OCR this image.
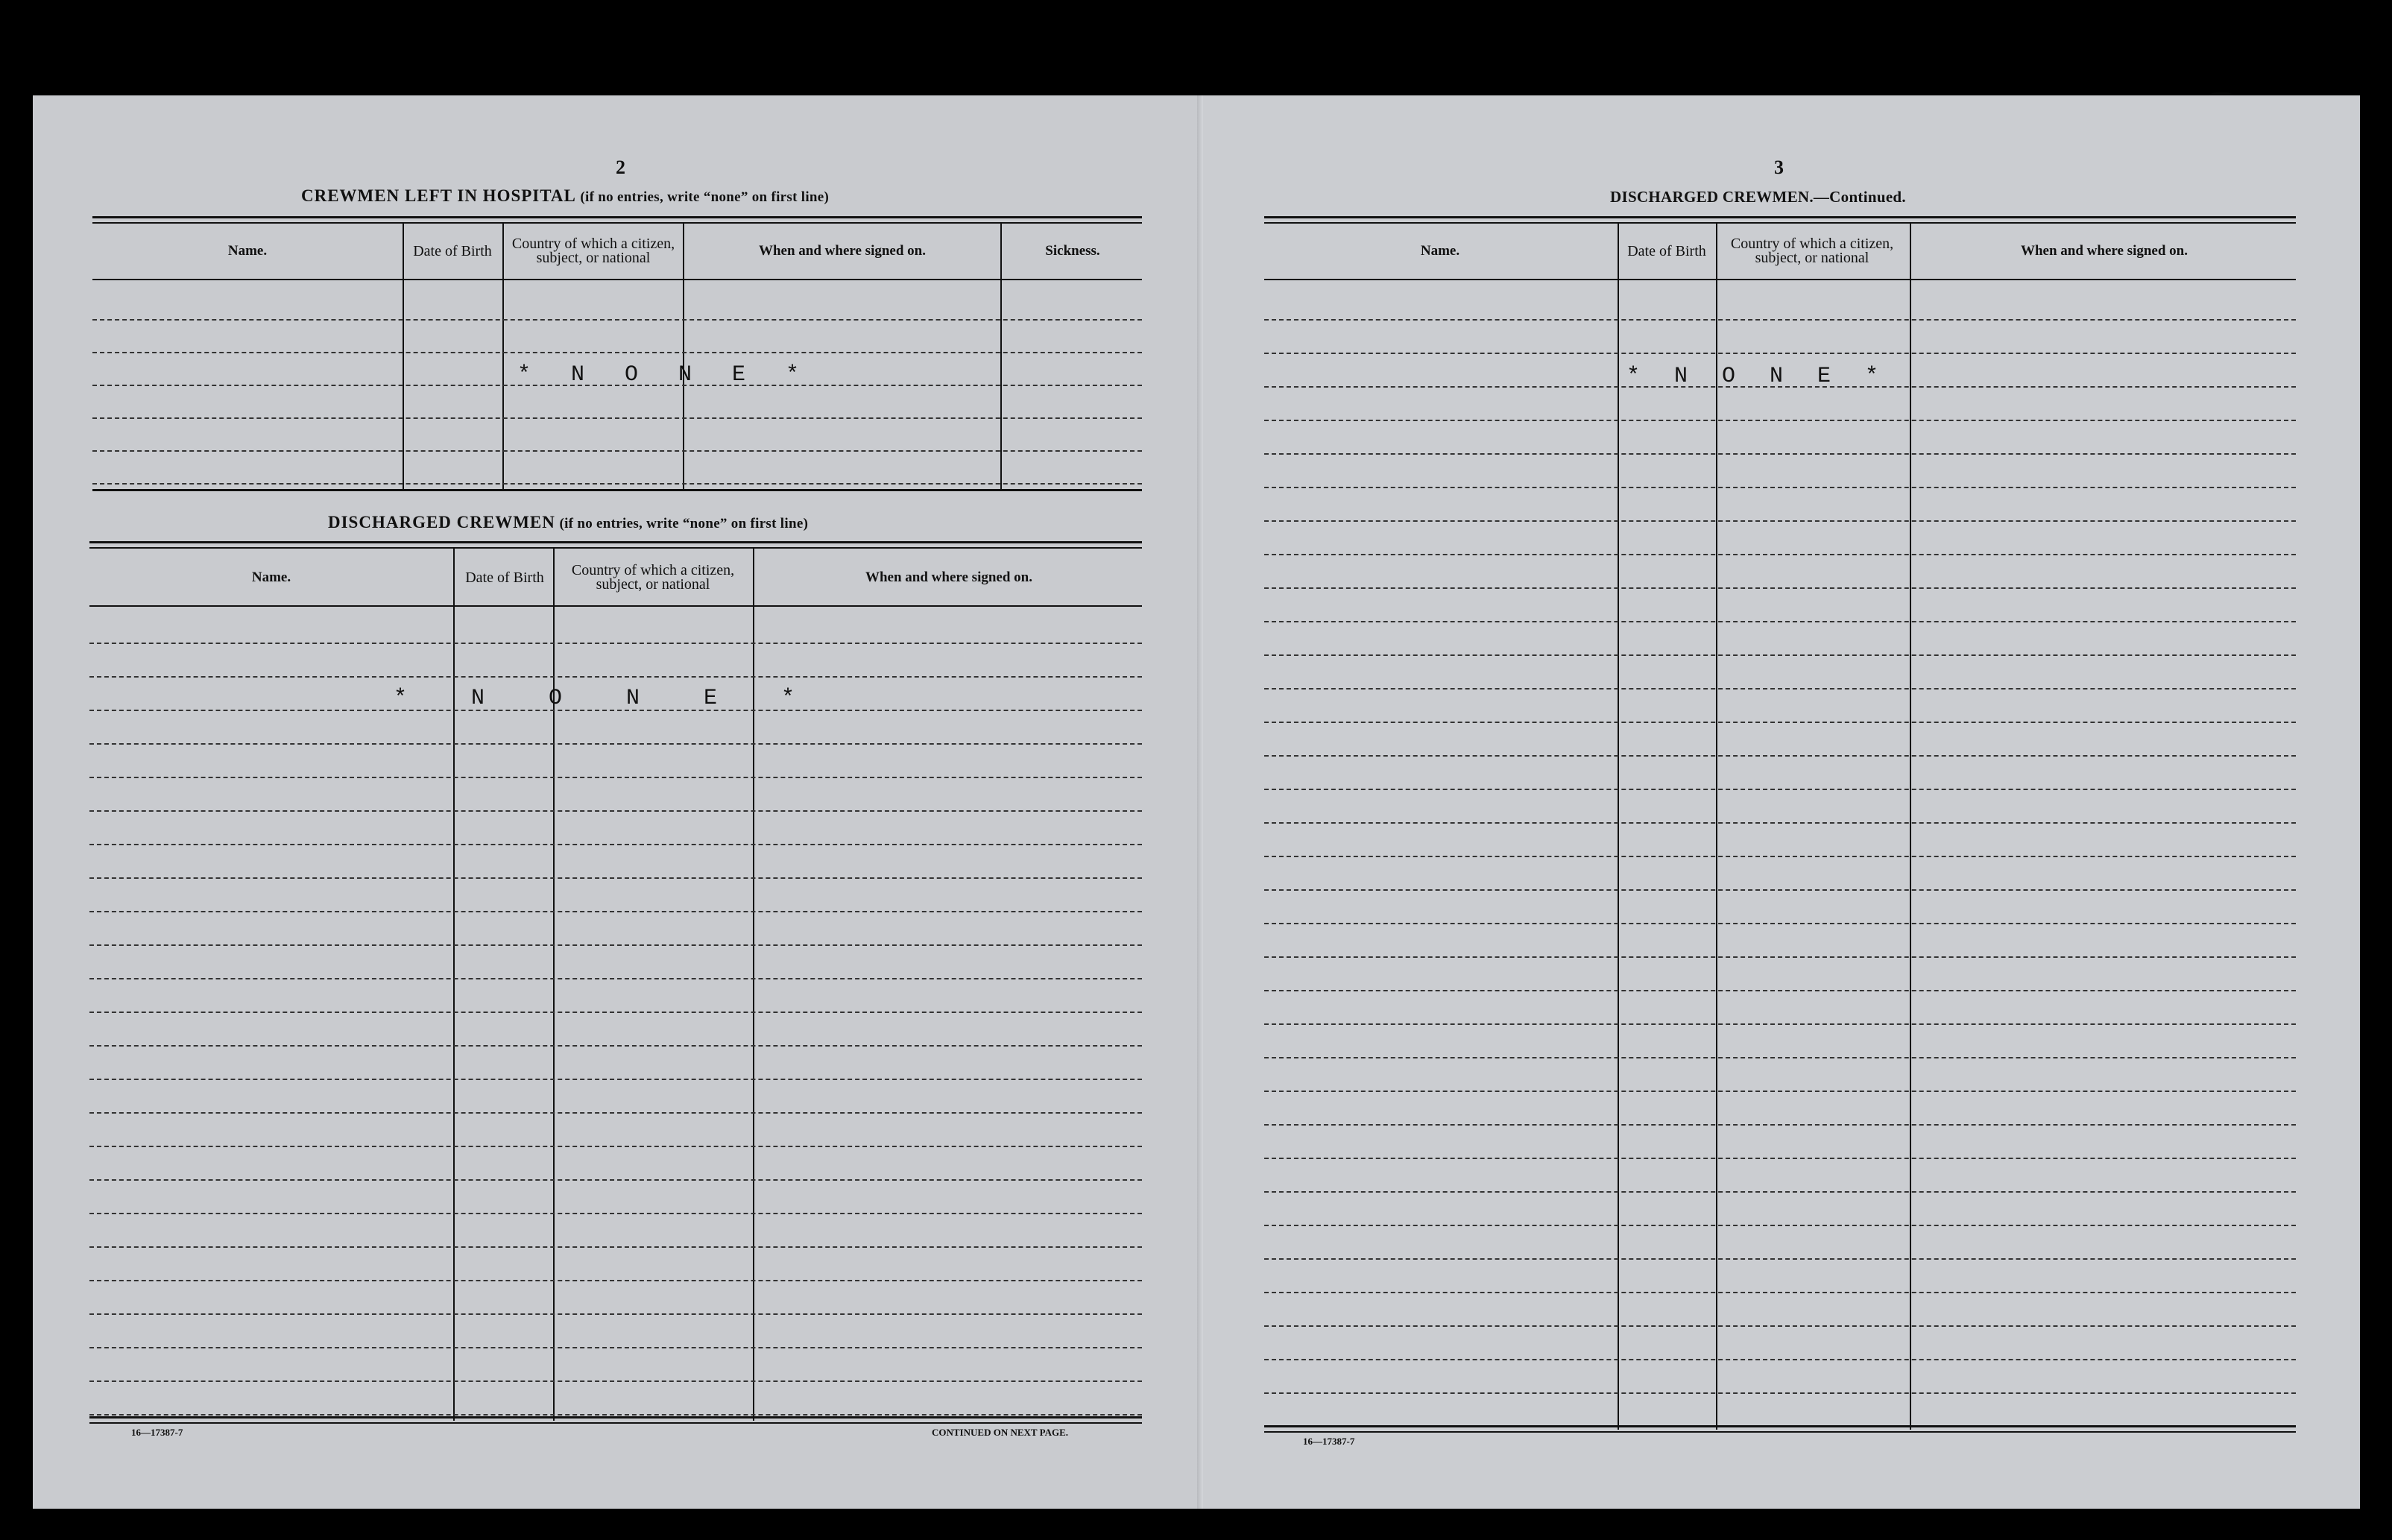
2
CREWMEN LEFT IN HOSPITAL (if no entries, write “none” on first line)
Name.	Date of Birth	Country of which a citizen, subject, or national	When and where signed on.	Sickness.
* N O N E *
DISCHARGED CREWMEN (if no entries, write “none” on first line)
Name.	Date of Birth	Country of which a citizen, subject, or national	When and where signed on.
* N O N E *
16—17387-7	CONTINUED ON NEXT PAGE.
3
DISCHARGED CREWMEN.—Continued.
Name.	Date of Birth	Country of which a citizen, subject, or national	When and where signed on.
* N O N E *
16—17387-7
